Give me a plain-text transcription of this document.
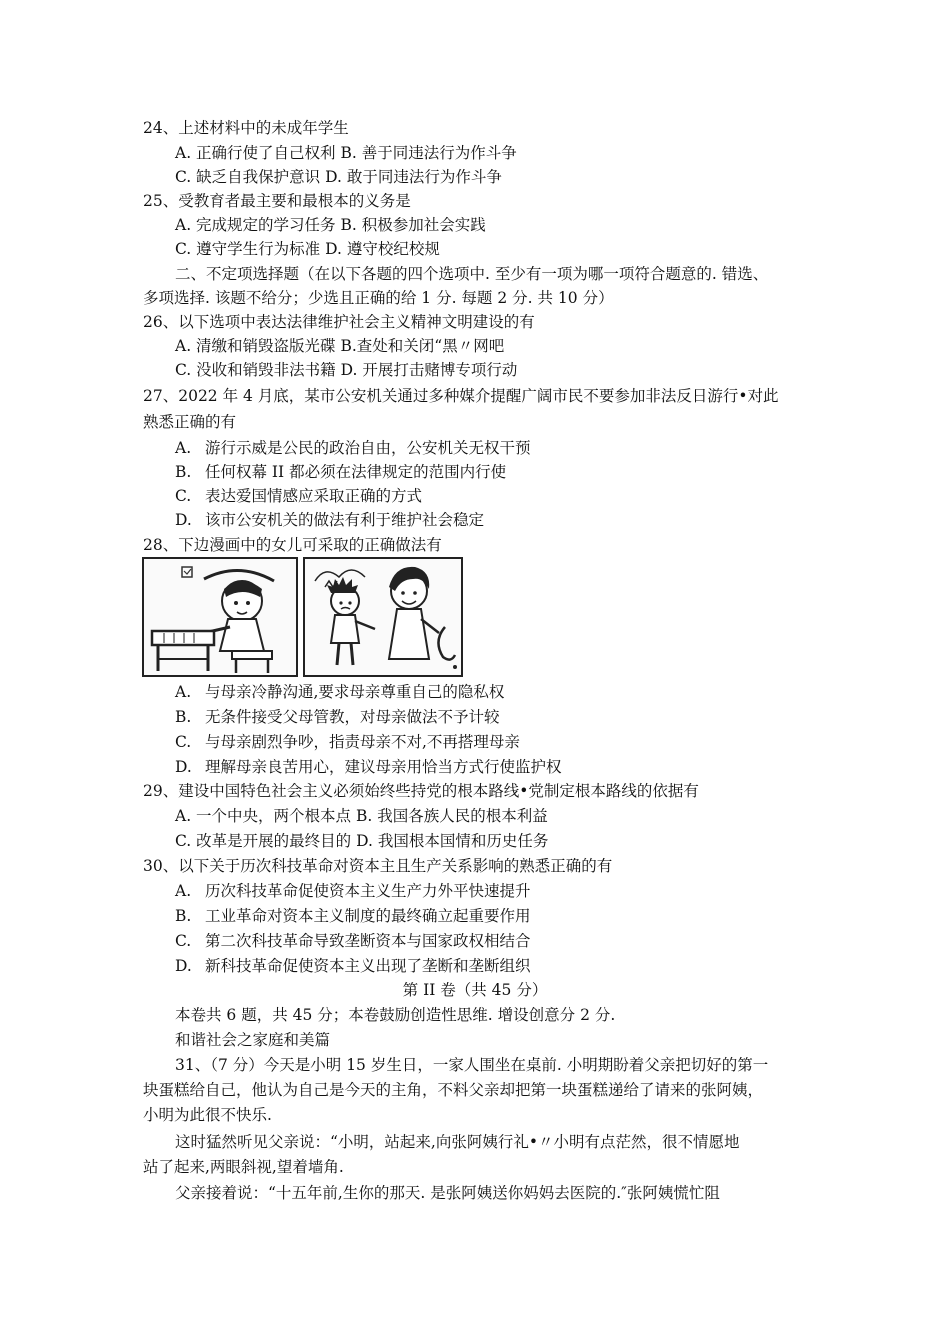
24、上述材料中的未成年学生
A. 正确行使了自己权利 B. 善于同违法行为作斗争
C. 缺乏自我保护意识 D. 敢于同违法行为作斗争
25、受教育者最主要和最根本的义务是
A. 完成规定的学习任务 B. 积极参加社会实践
C. 遵守学生行为标准 D. 遵守校纪校规
二、不定项选择题（在以下各题的四个选项中. 至少有一项为哪一项符合题意的. 错选、
多项选择. 该题不给分；少选且正确的给 1 分. 每题 2 分. 共 10 分）
26、以下选项中表达法律维护社会主义精神文明建设的有
A. 清缴和销毁盗版光碟 B.查处和关闭“黑〃网吧
C. 没收和销毁非法书籍 D. 开展打击赌博专项行动
27、2022 年 4 月底，某市公安机关通过多种媒介提醒广阔市民不要参加非法反日游行•对此
熟悉正确的有
A. 游行示威是公民的政治自由，公安机关无权干预
B. 任何权幕 II 都必须在法律规定的范围内行使
C. 表达爱国情感应采取正确的方式
D. 该市公安机关的做法有利于维护社会稳定
28、下边漫画中的女儿可采取的正确做法有
A. 与母亲冷静沟通,要求母亲尊重自己的隐私权
B. 无条件接受父母管教，对母亲做法不予计较
C. 与母亲剧烈争吵，指责母亲不对,不再搭理母亲
D. 理解母亲良苦用心，建议母亲用恰当方式行使监护权
29、建设中国特色社会主义必须始终些持党的根本路线•党制定根本路线的依据有
A. 一个中央，两个根本点 B. 我国各族人民的根本利益
C. 改革是开展的最终目的 D. 我国根本国情和历史任务
30、以下关于历次科技革命对资本主且生产关系影响的熟悉正确的有
A. 历次科技革命促使资本主义生产力外平快速提升
B. 工业革命对资本主义制度的最终确立起重要作用
C. 第二次科技革命导致垄断资本与国家政权相结合
D. 新科技革命促使资本主义出现了垄断和垄断组织
第 II 卷（共 45 分）
本卷共 6 题，共 45 分；本卷鼓励创造性思维. 增设创意分 2 分.
和谐社会之家庭和美篇
31、（7 分）今天是小明 15 岁生日，一家人围坐在桌前. 小明期盼着父亲把切好的第一
块蛋糕给自己，他认为自己是今天的主角，不料父亲却把第一块蛋糕递给了请来的张阿姨，
小明为此很不快乐.
这时猛然听见父亲说：“小明，站起来,向张阿姨行礼•〃小明有点茫然，很不情愿地
站了起来,两眼斜视,望着墙角.
父亲接着说：“十五年前,生你的那天. 是张阿姨送你妈妈去医院的.″张阿姨慌忙阻
